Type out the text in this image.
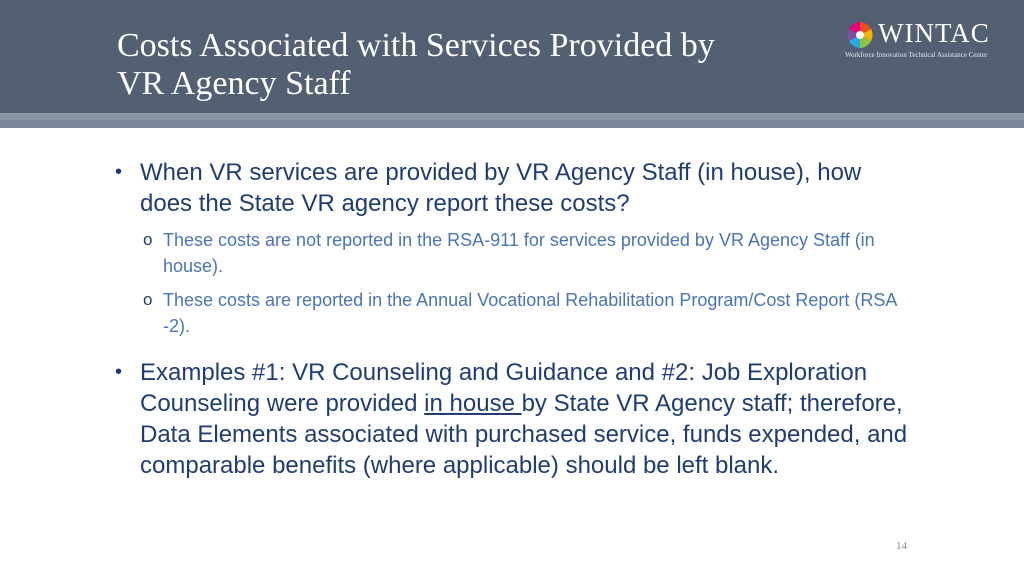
Costs Associated with Services Provided by
VR Agency Staff
WINTAC
Workforce Innovation Technical Assistance Center
• When VR services are provided by VR Agency Staff (in house), how does the State VR agency report these costs?
o These costs are not reported in the RSA-911 for services provided by VR Agency Staff (in house).
o These costs are reported in the Annual Vocational Rehabilitation Program/Cost Report (RSA -2).
• Examples #1: VR Counseling and Guidance and #2: Job Exploration Counseling were provided in house by State VR Agency staff; therefore, Data Elements associated with purchased service, funds expended, and comparable benefits (where applicable) should be left blank.
14
